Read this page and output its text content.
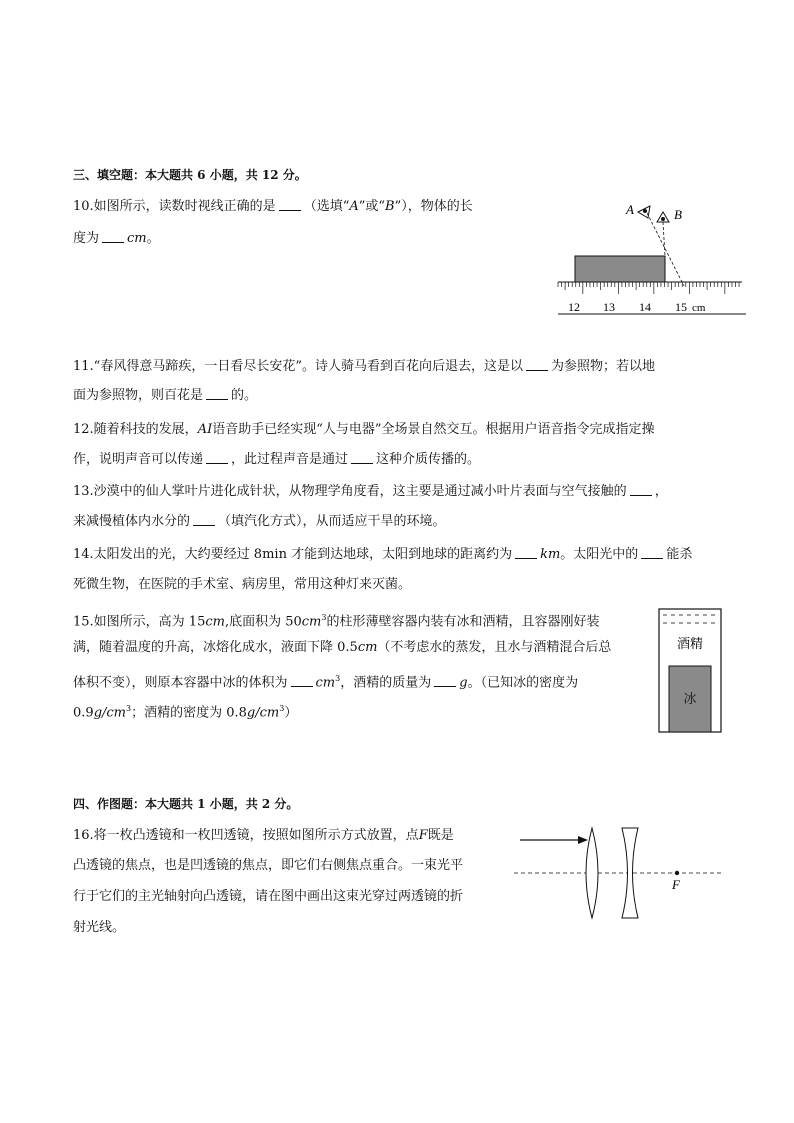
三、填空题：本大题共 6 小题，共 12 分。
10.如图所示，读数时视线正确的是 （选填“A”或“B”），物体的长
度为 cm。
A	B
12 13 14 15 cm
11.“春风得意马蹄疾，一日看尽长安花”。诗人骑马看到百花向后退去，这是以 为参照物；若以地
面为参照物，则百花是 的。
12.随着科技的发展，AI语音助手已经实现“人与电器”全场景自然交互。根据用户语音指令完成指定操
作，说明声音可以传递 ，此过程声音是通过 这种介质传播的。
13.沙漠中的仙人掌叶片进化成针状，从物理学角度看，这主要是通过减小叶片表面与空气接触的 ，
来减慢植体内水分的 （填汽化方式），从而适应干旱的环境。
14.太阳发出的光，大约要经过 8min 才能到达地球，太阳到地球的距离约为 km。太阳光中的 能杀
死微生物，在医院的手术室、病房里，常用这种灯来灭菌。
15.如图所示，高为 15cm,底面积为 $50cm^3$的柱形薄壁容器内装有冰和酒精，且容器刚好装
满，随着温度的升高，冰熔化成水，液面下降 0.5cm（不考虑水的蒸发，且水与酒精混合后总
体积不变），则原本容器中冰的体积为 $cm^3$，酒精的质量为 g。（已知冰的密度为
$0.9g/cm^3$；酒精的密度为 $0.8g/cm^3$）
酒精
冰
四、作图题：本大题共 1 小题，共 2 分。
16.将一枚凸透镜和一枚凹透镜，按照如图所示方式放置，点F既是
凸透镜的焦点，也是凹透镜的焦点，即它们右侧焦点重合。一束光平
行于它们的主光轴射向凸透镜，请在图中画出这束光穿过两透镜的折
射光线。
F
